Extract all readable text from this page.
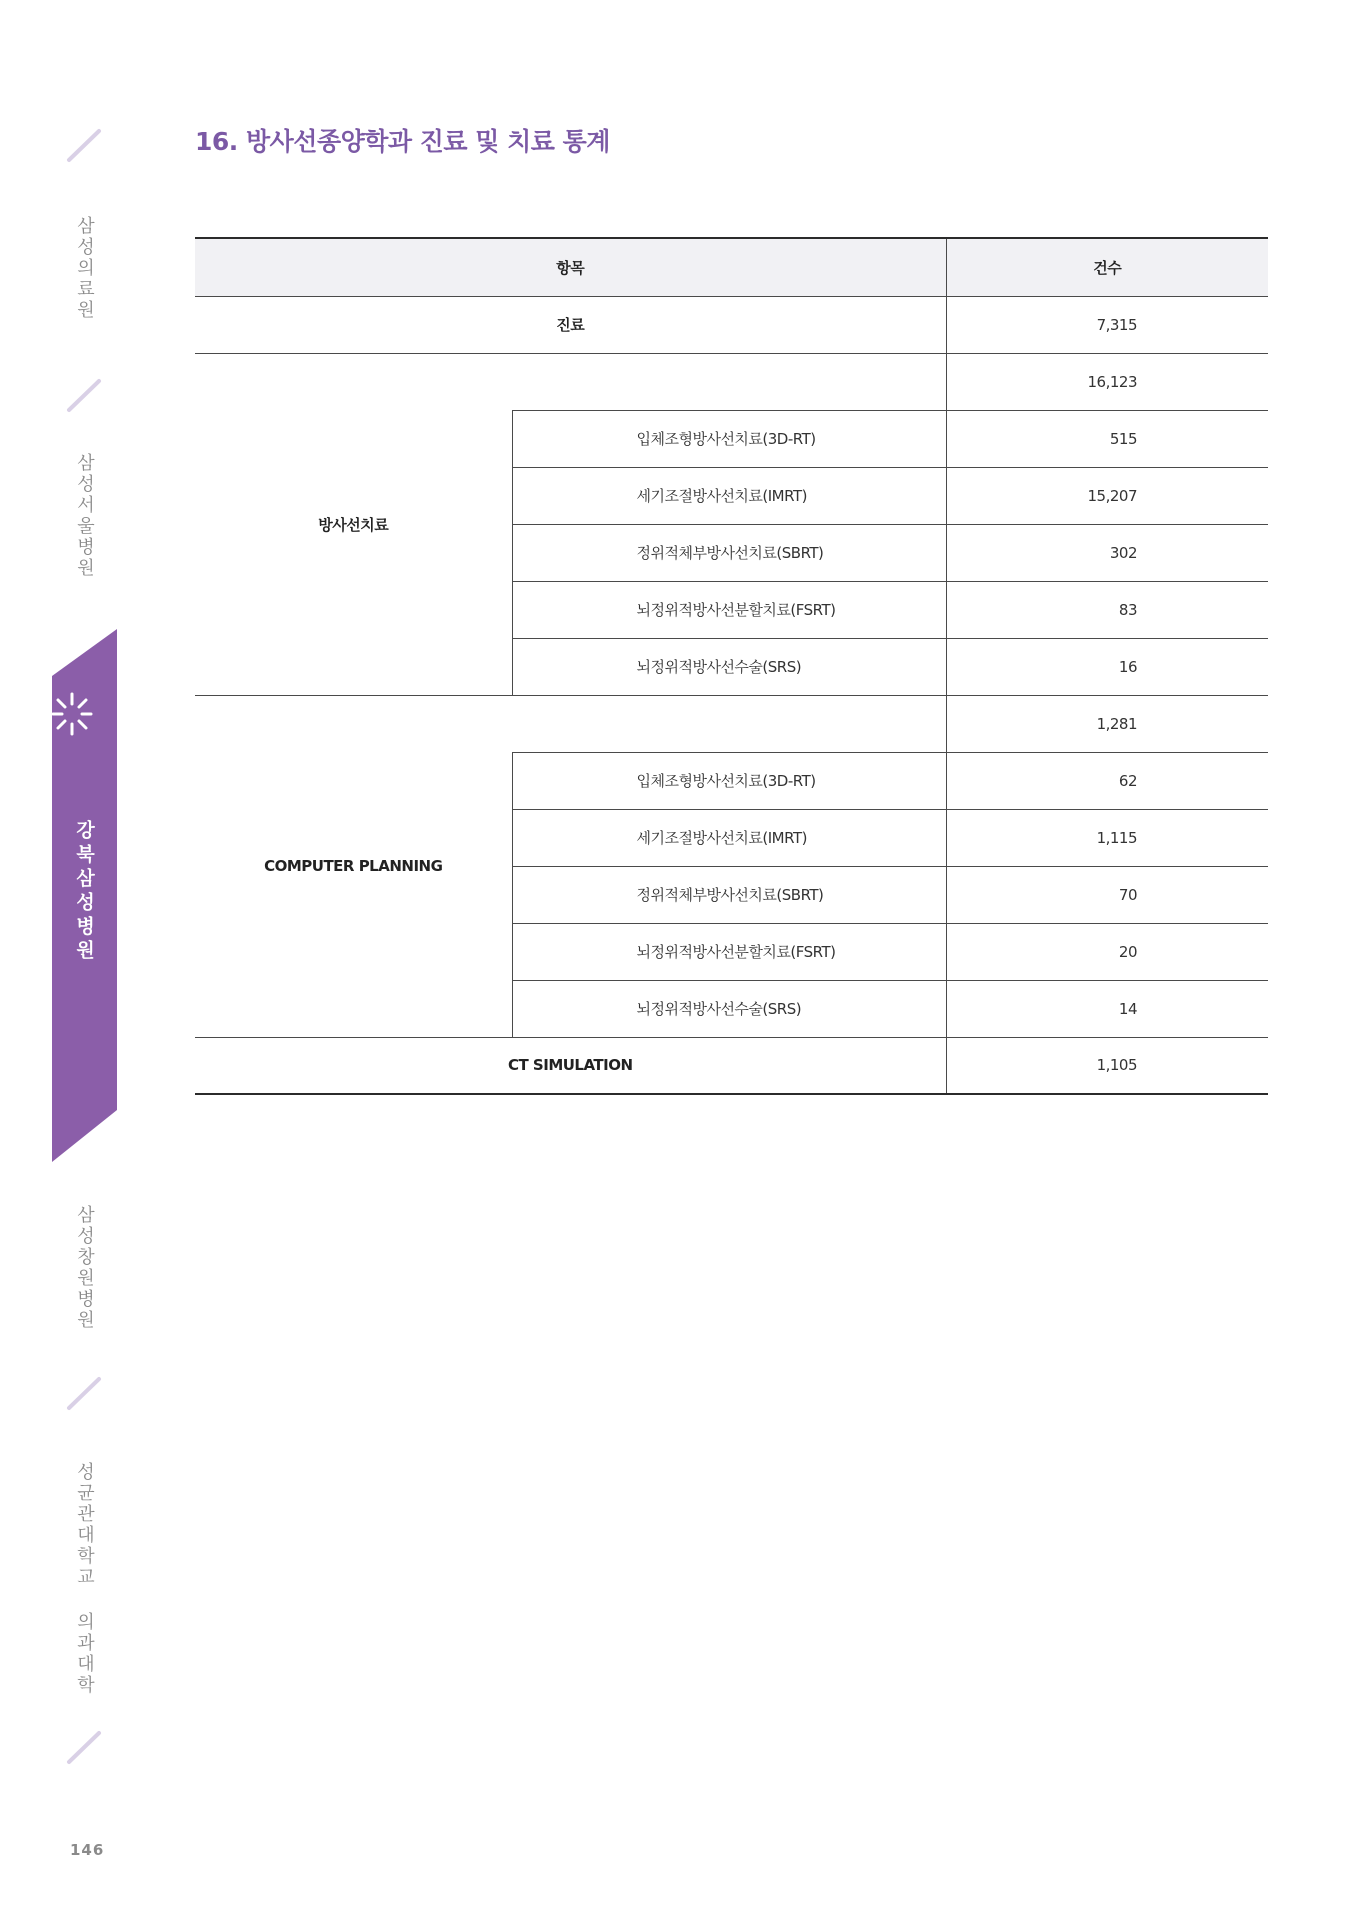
삼성의료원
삼성서울병원
강북삼성병원
삼성창원병원
성균관대학교 의과대학
146
16. 방사선종양학과 진료 및 치료 통계
항목		건수
진료		7,315
방사선치료		16,123
	입체조형방사선치료(3D-RT)	515
	세기조절방사선치료(IMRT)	15,207
	정위적체부방사선치료(SBRT)	302
	뇌정위적방사선분할치료(FSRT)	83
	뇌정위적방사선수술(SRS)	16
COMPUTER PLANNING		1,281
	입체조형방사선치료(3D-RT)	62
	세기조절방사선치료(IMRT)	1,115
	정위적체부방사선치료(SBRT)	70
	뇌정위적방사선분할치료(FSRT)	20
	뇌정위적방사선수술(SRS)	14
CT SIMULATION		1,105
